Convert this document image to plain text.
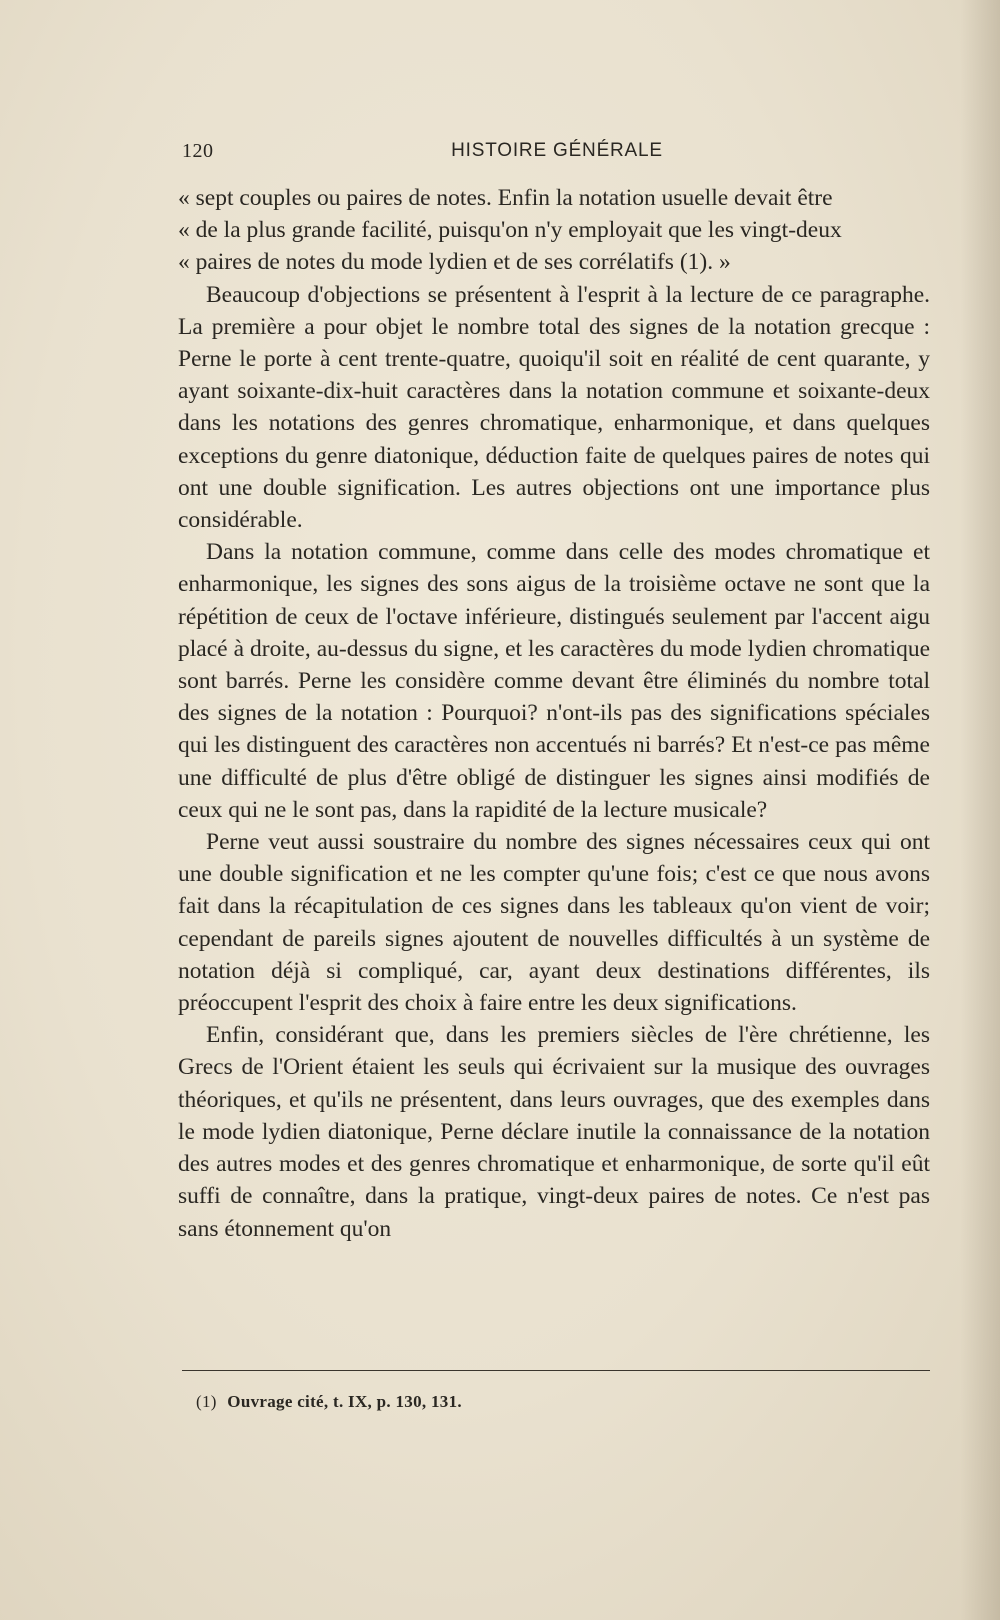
120	HISTOIRE GÉNÉRALE

« sept couples ou paires de notes. Enfin la notation usuelle devait être

« de la plus grande facilité, puisqu'on n'y employait que les vingt-deux

« paires de notes du mode lydien et de ses corrélatifs (1). »

Beaucoup d'objections se présentent à l'esprit à la lecture de ce paragraphe. La première a pour objet le nombre total des signes de la notation grecque : Perne le porte à cent trente-quatre, quoiqu'il soit en réalité de cent quarante, y ayant soixante-dix-huit caractères dans la notation commune et soixante-deux dans les notations des genres chromatique, enharmonique, et dans quelques exceptions du genre diatonique, déduction faite de quelques paires de notes qui ont une double signification. Les autres objections ont une importance plus considérable.

Dans la notation commune, comme dans celle des modes chromatique et enharmonique, les signes des sons aigus de la troisième octave ne sont que la répétition de ceux de l'octave inférieure, distingués seulement par l'accent aigu placé à droite, au-dessus du signe, et les caractères du mode lydien chromatique sont barrés. Perne les considère comme devant être éliminés du nombre total des signes de la notation : Pourquoi? n'ont-ils pas des significations spéciales qui les distinguent des caractères non accentués ni barrés? Et n'est-ce pas même une difficulté de plus d'être obligé de distinguer les signes ainsi modifiés de ceux qui ne le sont pas, dans la rapidité de la lecture musicale?

Perne veut aussi soustraire du nombre des signes nécessaires ceux qui ont une double signification et ne les compter qu'une fois; c'est ce que nous avons fait dans la récapitulation de ces signes dans les tableaux qu'on vient de voir; cependant de pareils signes ajoutent de nouvelles difficultés à un système de notation déjà si compliqué, car, ayant deux destinations différentes, ils préoccupent l'esprit des choix à faire entre les deux significations.

Enfin, considérant que, dans les premiers siècles de l'ère chrétienne, les Grecs de l'Orient étaient les seuls qui écrivaient sur la musique des ouvrages théoriques, et qu'ils ne présentent, dans leurs ouvrages, que des exemples dans le mode lydien diatonique, Perne déclare inutile la connaissance de la notation des autres modes et des genres chromatique et enharmonique, de sorte qu'il eût suffi de connaître, dans la pratique, vingt-deux paires de notes. Ce n'est pas sans étonnement qu'on

(1) Ouvrage cité, t. IX, p. 130, 131.
